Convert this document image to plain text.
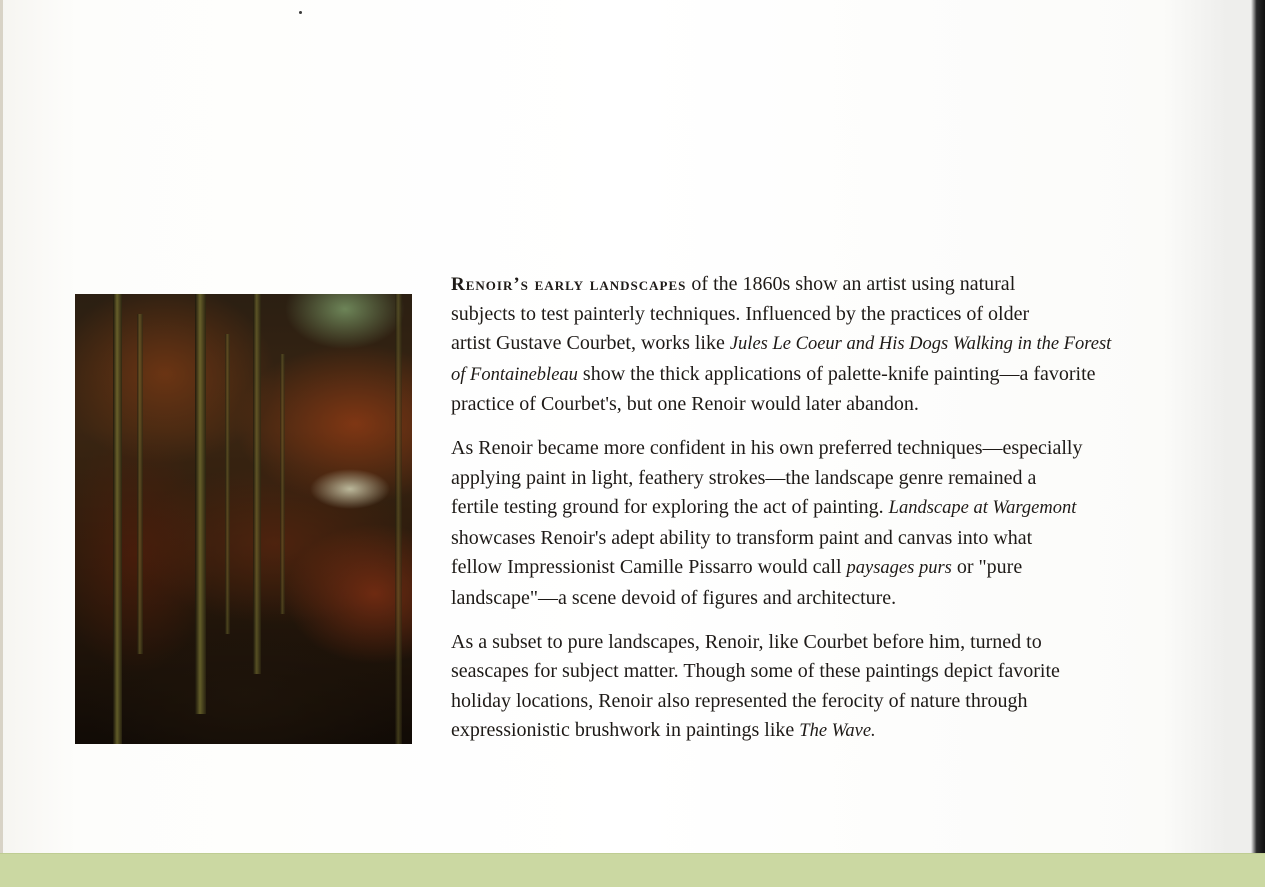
Renoir’s early landscapes of the 1860s show an artist using natural
subjects to test painterly techniques. Influenced by the practices of older
artist Gustave Courbet, works like Jules Le Coeur and His Dogs Walking in the Forest
of Fontainebleau show the thick applications of palette-knife painting—a favorite
practice of Courbet's, but one Renoir would later abandon.

As Renoir became more confident in his own preferred techniques—especially
applying paint in light, feathery strokes—the landscape genre remained a
fertile testing ground for exploring the act of painting. Landscape at Wargemont
showcases Renoir's adept ability to transform paint and canvas into what
fellow Impressionist Camille Pissarro would call paysages purs or "pure
landscape"—a scene devoid of figures and architecture.

As a subset to pure landscapes, Renoir, like Courbet before him, turned to
seascapes for subject matter. Though some of these paintings depict favorite
holiday locations, Renoir also represented the ferocity of nature through
expressionistic brushwork in paintings like The Wave.
